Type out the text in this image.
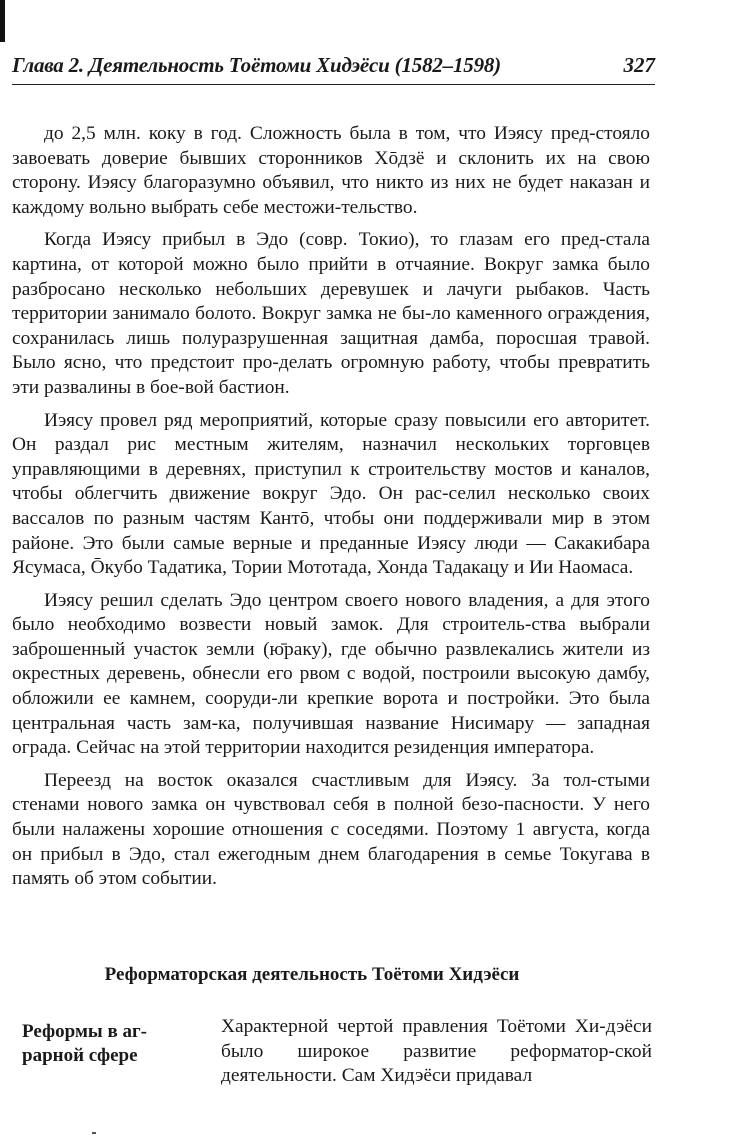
Глава 2. Деятельность Тоётоми Хидэёси (1582–1598)	327

до 2,5 млн. коку в год. Сложность была в том, что Иэясу пред-стояло завоевать доверие бывших сторонников Хōдзё и склонить их на свою сторону. Иэясу благоразумно объявил, что никто из них не будет наказан и каждому вольно выбрать себе местожи-тельство.

Когда Иэясу прибыл в Эдо (совр. Токио), то глазам его пред-стала картина, от которой можно было прийти в отчаяние. Вокруг замка было разбросано несколько небольших деревушек и лачуги рыбаков. Часть территории занимало болото. Вокруг замка не бы-ло каменного ограждения, сохранилась лишь полуразрушенная защитная дамба, поросшая травой. Было ясно, что предстоит про-делать огромную работу, чтобы превратить эти развалины в бое-вой бастион.

Иэясу провел ряд мероприятий, которые сразу повысили его авторитет. Он раздал рис местным жителям, назначил нескольких торговцев управляющими в деревнях, приступил к строительству мостов и каналов, чтобы облегчить движение вокруг Эдо. Он рас-селил несколько своих вассалов по разным частям Кантō, чтобы они поддерживали мир в этом районе. Это были самые верные и преданные Иэясу люди — Сакакибара Ясумаса, Ōкубо Тадатика, Тории Мототада, Хонда Тадакацу и Ии Наомаса.

Иэясу решил сделать Эдо центром своего нового владения, а для этого было необходимо возвести новый замок. Для строитель-ства выбрали заброшенный участок земли (ю̄раку), где обычно развлекались жители из окрестных деревень, обнесли его рвом с водой, построили высокую дамбу, обложили ее камнем, сооруди-ли крепкие ворота и постройки. Это была центральная часть зам-ка, получившая название Нисимару — западная ограда. Сейчас на этой территории находится резиденция императора.

Переезд на восток оказался счастливым для Иэясу. За тол-стыми стенами нового замка он чувствовал себя в полной безо-пасности. У него были налажены хорошие отношения с соседями. Поэтому 1 августа, когда он прибыл в Эдо, стал ежегодным днем благодарения в семье Токугава в память об этом событии.

Реформаторская деятельность Тоётоми Хидэёси
Реформы в аг-рарной сфере
Характерной чертой правления Тоётоми Хи-дэёси было широкое развитие реформатор-ской деятельности. Сам Хидэёси придавал
